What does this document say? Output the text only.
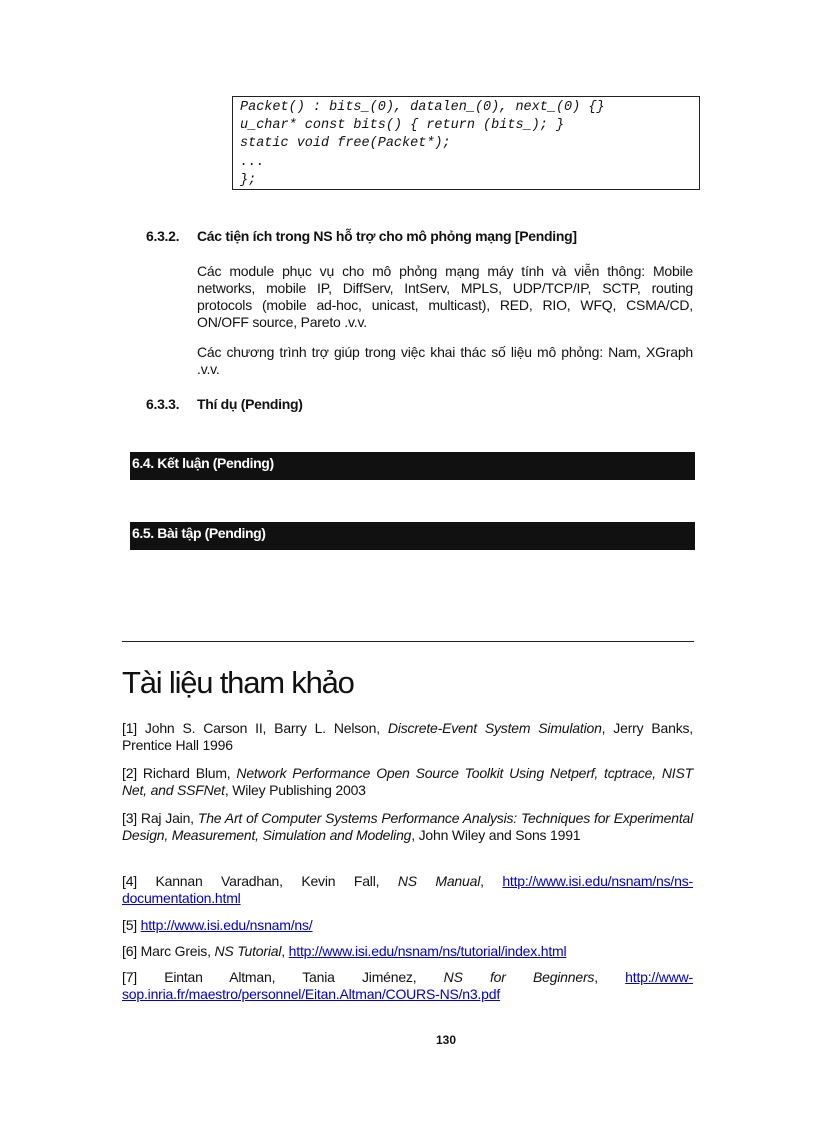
Packet() : bits_(0), datalen_(0), next_(0) {}
u_char* const bits() { return (bits_); }
static void free(Packet*);
...
};
6.3.2. Các tiện ích trong NS hỗ trợ cho mô phỏng mạng [Pending]
Các module phục vụ cho mô phỏng mạng máy tính và viễn thông: Mobile networks, mobile IP, DiffServ, IntServ, MPLS, UDP/TCP/IP, SCTP, routing protocols (mobile ad-hoc, unicast, multicast), RED, RIO, WFQ, CSMA/CD, ON/OFF source, Pareto .v.v.
Các chương trình trợ giúp trong việc khai thác số liệu mô phỏng: Nam, XGraph .v.v.
6.3.3. Thí dụ (Pending)
6.4. Kết luận (Pending)
6.5. Bài tập (Pending)
Tài liệu tham khảo
[1] John S. Carson II, Barry L. Nelson, Discrete-Event System Simulation, Jerry Banks, Prentice Hall 1996
[2] Richard Blum, Network Performance Open Source Toolkit Using Netperf, tcptrace, NIST Net, and SSFNet, Wiley Publishing 2003
[3] Raj Jain, The Art of Computer Systems Performance Analysis: Techniques for Experimental Design, Measurement, Simulation and Modeling, John Wiley and Sons 1991
[4] Kannan Varadhan, Kevin Fall, NS Manual, http://www.isi.edu/nsnam/ns/ns-documentation.html
[5] http://www.isi.edu/nsnam/ns/
[6] Marc Greis, NS Tutorial, http://www.isi.edu/nsnam/ns/tutorial/index.html
[7] Eintan Altman, Tania Jiménez, NS for Beginners, http://www-sop.inria.fr/maestro/personnel/Eitan.Altman/COURS-NS/n3.pdf
130
